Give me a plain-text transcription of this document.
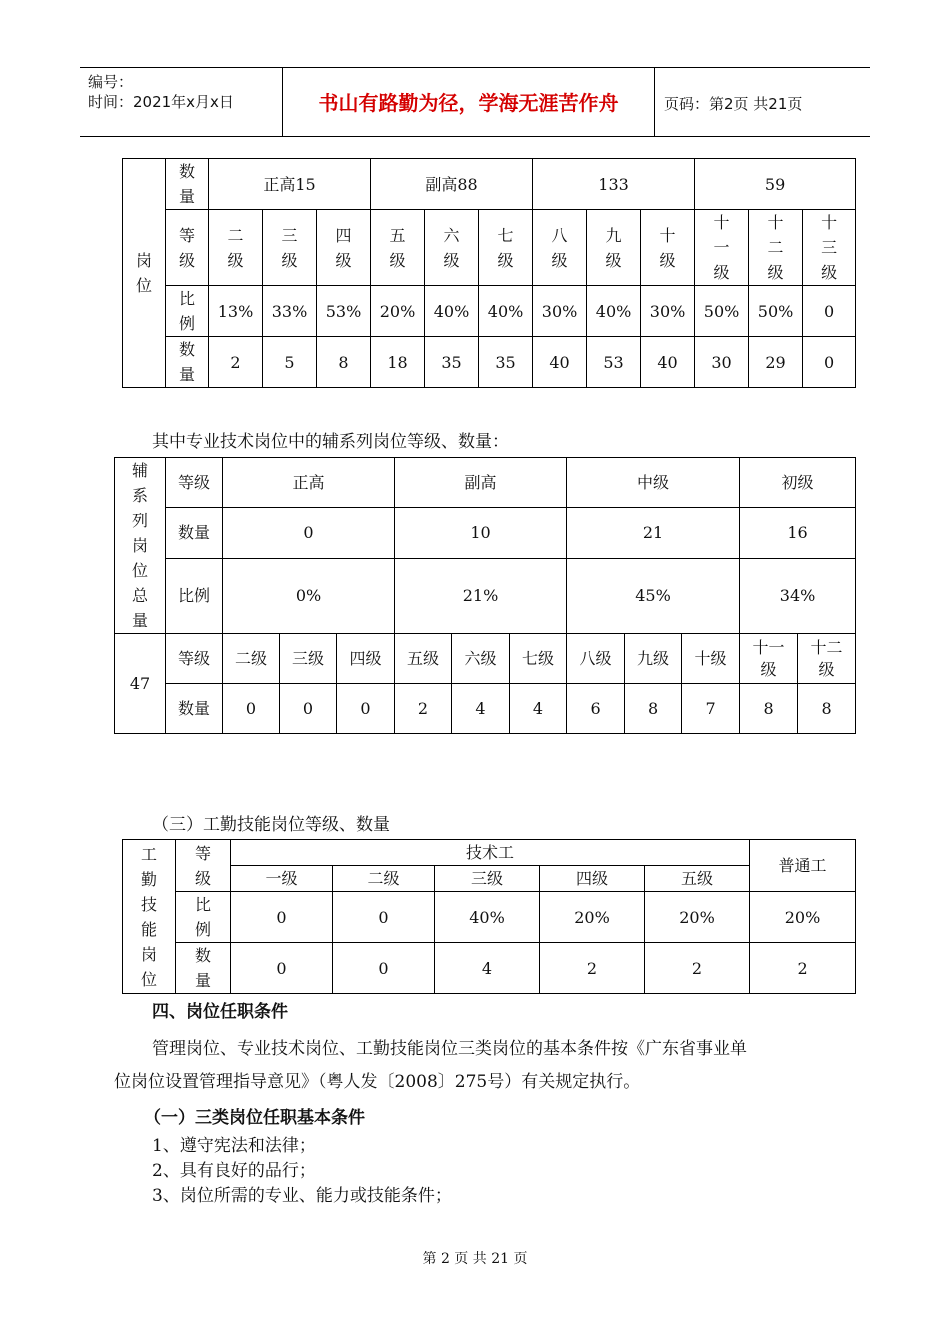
编号：
时间：2021年x月x日	书山有路勤为径，学海无涯苦作舟	页码：第2页 共21页
岗位	数量	正高15			副高88			133			59		
	等级	二级	三级	四级	五级	六级	七级	八级	九级	十级	十一级	十二级	十三级
	比例	13%	33%	53%	20%	40%	40%	30%	40%	30%	50%	50%	0
	数量	2	5	8	18	35	35	40	53	40	30	29	0
其中专业技术岗位中的辅系列岗位等级、数量：
辅系列岗位总量	等级	正高			副高			中级			初级	
	数量	0			10			21			16	
	比例	0%			21%			45%			34%	
47	等级	二级	三级	四级	五级	六级	七级	八级	九级	十级	十一级	十二级
	数量	0	0	0	2	4	4	6	8	7	8	8
（三）工勤技能岗位等级、数量
工勤技能岗位	等级	技术工					普通工
		一级	二级	三级	四级	五级	
	比例	0	0	40%	20%	20%	20%
	数量	0	0	4	2	2	2
四、岗位任职条件
管理岗位、专业技术岗位、工勤技能岗位三类岗位的基本条件按《广东省事业单
位岗位设置管理指导意见》（粤人发〔2008〕275号）有关规定执行。
（一）三类岗位任职基本条件
1、遵守宪法和法律；
2、具有良好的品行；
3、岗位所需的专业、能力或技能条件；
第 2 页 共 21 页
